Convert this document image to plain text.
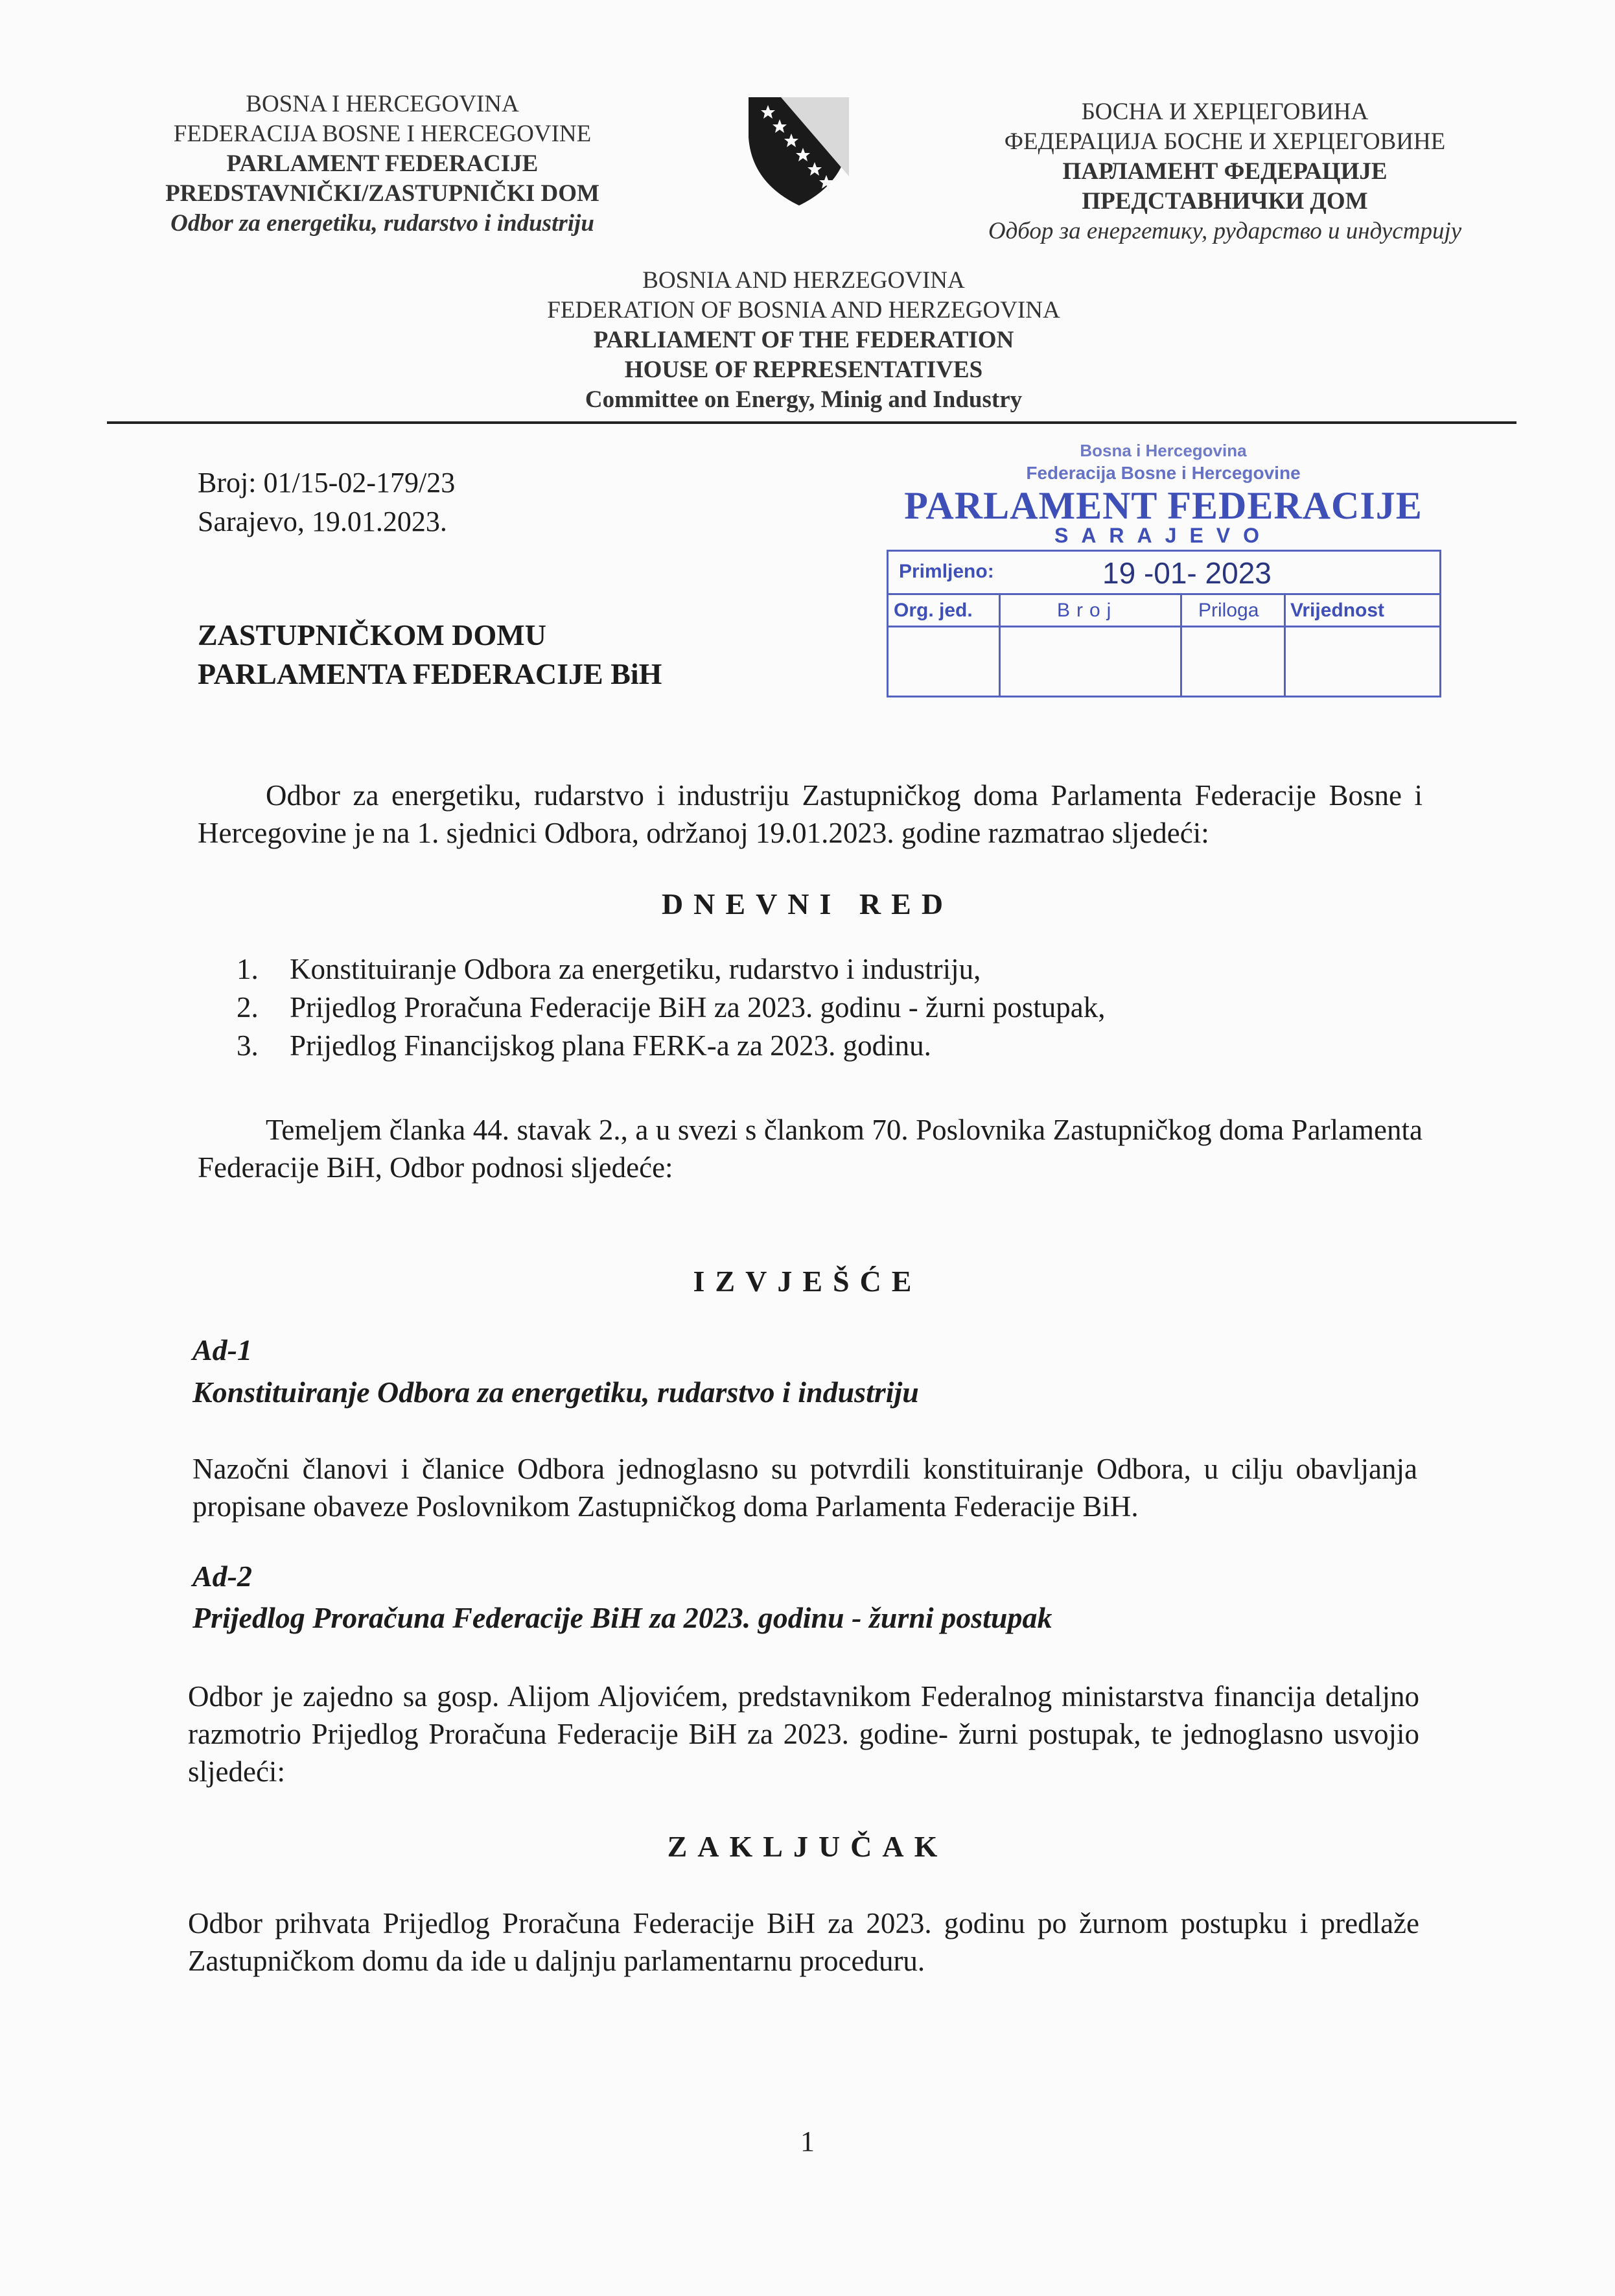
BOSNA I HERCEGOVINA
FEDERACIJA BOSNE I HERCEGOVINE
PARLAMENT FEDERACIJE
PREDSTAVNIČKI/ZASTUPNIČKI DOM
Odbor za energetiku, rudarstvo i industriju
БОСНА И ХЕРЦЕГОВИНА
ФЕДЕРАЦИЈА БОСНЕ И ХЕРЦЕГОВИНЕ
ПАРЛАМЕНТ ФЕДЕРАЦИЈЕ
ПРЕДСТАВНИЧКИ ДОМ
Одбор за енергетику, рударство и индустрију
BOSNIA AND HERZEGOVINA
FEDERATION OF BOSNIA AND HERZEGOVINA
PARLIAMENT OF THE FEDERATION
HOUSE OF REPRESENTATIVES
Committee on Energy, Minig and Industry
Broj: 01/15-02-179/23
Sarajevo, 19.01.2023.
ZASTUPNIČKOM DOMU
PARLAMENTA FEDERACIJE BiH
Bosna i Hercegovina
Federacija Bosne i Hercegovine
PARLAMENT FEDERACIJE
SARAJEVO
Primljeno:	19 -01- 2023
Org. jed.	Broj	Priloga Vrijednost
Odbor za energetiku, rudarstvo i industriju Zastupničkog doma Parlamenta Federacije Bosne i Hercegovine je na 1. sjednici Odbora, održanoj 19.01.2023. godine razmatrao sljedeći:
DNEVNI RED
1. Konstituiranje Odbora za energetiku, rudarstvo i industriju,
2. Prijedlog Proračuna Federacije BiH za 2023. godinu - žurni postupak,
3. Prijedlog Financijskog plana FERK-a za 2023. godinu.
Temeljem članka 44. stavak 2., a u svezi s člankom 70. Poslovnika Zastupničkog doma Parlamenta Federacije BiH, Odbor podnosi sljedeće:
IZVJEŠĆE
Ad-1
Konstituiranje Odbora za energetiku, rudarstvo i industriju
Nazočni članovi i članice Odbora jednoglasno su potvrdili konstituiranje Odbora, u cilju obavljanja propisane obaveze Poslovnikom Zastupničkog doma Parlamenta Federacije BiH.
Ad-2
Prijedlog Proračuna Federacije BiH za 2023. godinu - žurni postupak
Odbor je zajedno sa gosp. Alijom Aljovićem, predstavnikom Federalnog ministarstva financija detaljno razmotrio Prijedlog Proračuna Federacije BiH za 2023. godine- žurni postupak, te jednoglasno usvojio sljedeći:
ZAKLJUČAK
Odbor prihvata Prijedlog Proračuna Federacije BiH za 2023. godinu po žurnom postupku i predlaže Zastupničkom domu da ide u daljnju parlamentarnu proceduru.
1
